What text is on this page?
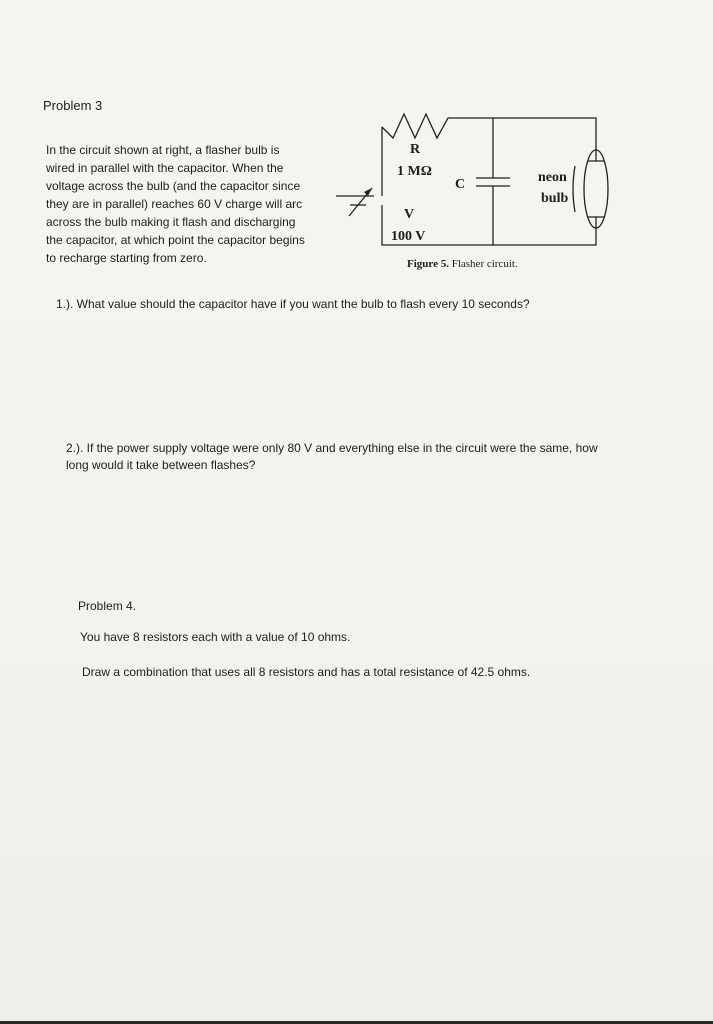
Problem 3
In the circuit shown at right, a flasher bulb is
wired in parallel with the capacitor. When the
voltage across the bulb (and the capacitor since
they are in parallel) reaches 60 V charge will arc
across the bulb making it flash and discharging
the capacitor, at which point the capacitor begins
to recharge starting from zero.
R
1 MΩ
C
V
100 V
neon
bulb
Figure 5. Flasher circuit.
1.). What value should the capacitor have if you want the bulb to flash every 10 seconds?
2.). If the power supply voltage were only 80 V and everything else in the circuit were the same, how
long would it take between flashes?
Problem 4.
You have 8 resistors each with a value of 10 ohms.
Draw a combination that uses all 8 resistors and has a total resistance of 42.5 ohms.
